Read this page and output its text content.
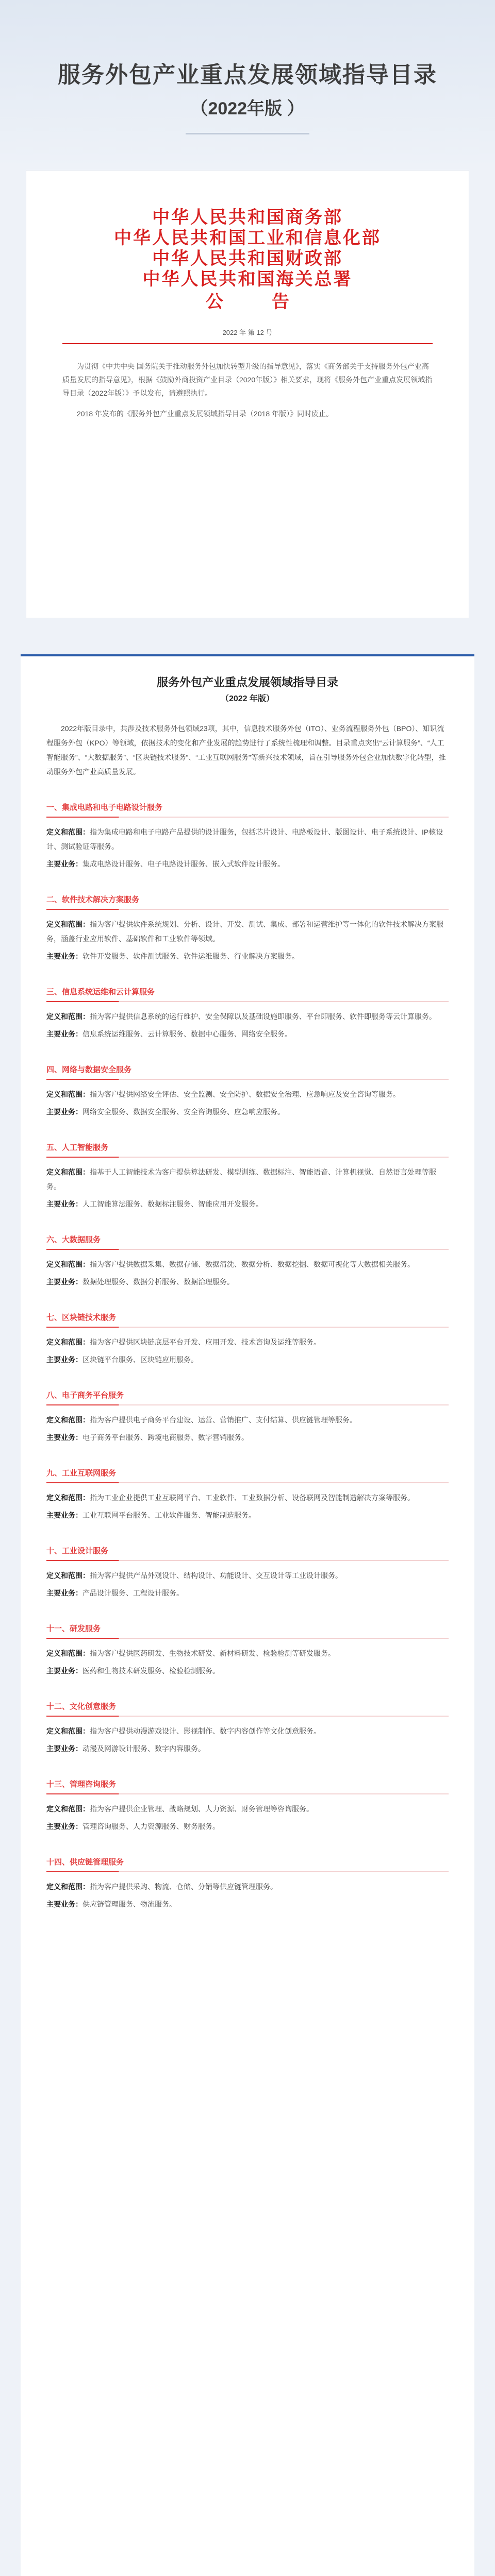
服务外包产业重点发展领域指导目录
（2022年版 ）
中华人民共和国商务部
中华人民共和国工业和信息化部
中华人民共和国财政部
中华人民共和国海关总署
公　告
2022 年 第 12 号

为贯彻《中共中央 国务院关于推动服务外包加快转型升级的指导意见》，落实《商务部关于支持服务外包产业高质量发展的指导意见》，根据《鼓励外商投资产业目录（2020年版）》相关要求，现将《服务外包产业重点发展领域指导目录（2022年版）》予以发布，请遵照执行。

2018 年发布的《服务外包产业重点发展领域指导目录（2018 年版）》同时废止。

服务外包产业重点发展领域指导目录
（2022 年版）
2022年版目录中，共涉及技术服务外包领域23项，其中，信息技术服务外包（ITO）、业务流程服务外包（BPO）、知识流程服务外包（KPO）等领域，依据技术的变化和产业发展的趋势进行了系统性梳理和调整。目录重点突出“云计算服务”、“人工智能服务”、“大数据服务”、“区块链技术服务”、“工业互联网服务”等新兴技术领域，旨在引导服务外包企业加快数字化转型，推动服务外包产业高质量发展。
一、 集成电路和电子电路设计服务

定义和范围：指为集成电路和电子电路产品提供的设计服务，包括芯片设计、电路板设计、版图设计、电子系统设计、IP核设计、测试验证等服务。

主要业务：集成电路设计服务、电子电路设计服务、嵌入式软件设计服务。

二、 软件技术解决方案服务

定义和范围：指为客户提供软件系统规划、分析、设计、开发、测试、集成、部署和运营维护等一体化的软件技术解决方案服务，涵盖行业应用软件、基础软件和工业软件等领域。

主要业务：软件开发服务、软件测试服务、软件运维服务、行业解决方案服务。

三、 信息系统运维和云计算服务

定义和范围：指为客户提供信息系统的运行维护、安全保障以及基础设施即服务、平台即服务、软件即服务等云计算服务。

主要业务：信息系统运维服务、云计算服务、数据中心服务、网络安全服务。

四、 网络与数据安全服务

定义和范围：指为客户提供网络安全评估、安全监测、安全防护、数据安全治理、应急响应及安全咨询等服务。

主要业务：网络安全服务、数据安全服务、安全咨询服务、应急响应服务。

五、 人工智能服务

定义和范围：指基于人工智能技术为客户提供算法研发、模型训练、数据标注、智能语音、计算机视觉、自然语言处理等服务。

主要业务：人工智能算法服务、数据标注服务、智能应用开发服务。

六、 大数据服务

定义和范围：指为客户提供数据采集、数据存储、数据清洗、数据分析、数据挖掘、数据可视化等大数据相关服务。

主要业务：数据处理服务、数据分析服务、数据治理服务。

七、 区块链技术服务

定义和范围：指为客户提供区块链底层平台开发、应用开发、技术咨询及运维等服务。

主要业务：区块链平台服务、区块链应用服务。

八、 电子商务平台服务

定义和范围：指为客户提供电子商务平台建设、运营、营销推广、支付结算、供应链管理等服务。

主要业务：电子商务平台服务、跨境电商服务、数字营销服务。

九、 工业互联网服务

定义和范围：指为工业企业提供工业互联网平台、工业软件、工业数据分析、设备联网及智能制造解决方案等服务。

主要业务：工业互联网平台服务、工业软件服务、智能制造服务。

十、 工业设计服务

定义和范围：指为客户提供产品外观设计、结构设计、功能设计、交互设计等工业设计服务。

主要业务：产品设计服务、工程设计服务。

十一、 研发服务

定义和范围：指为客户提供医药研发、生物技术研发、新材料研发、检验检测等研发服务。

主要业务：医药和生物技术研发服务、检验检测服务。

十二、 文化创意服务

定义和范围：指为客户提供动漫游戏设计、影视制作、数字内容创作等文化创意服务。

主要业务：动漫及网游设计服务、数字内容服务。

十三、 管理咨询服务

定义和范围：指为客户提供企业管理、战略规划、人力资源、财务管理等咨询服务。

主要业务：管理咨询服务、人力资源服务、财务服务。

十四、 供应链管理服务

定义和范围：指为客户提供采购、物流、仓储、分销等供应链管理服务。

主要业务：供应链管理服务、物流服务。
